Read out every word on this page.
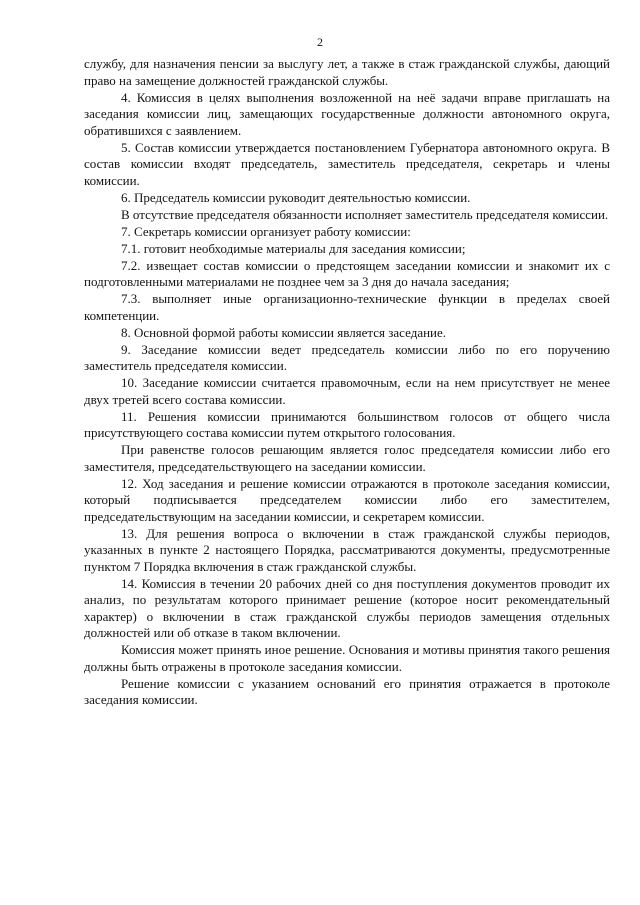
2

службу, для назначения пенсии за выслугу лет, а также в стаж гражданской службы, дающий право на замещение должностей гражданской службы.

4. Комиссия в целях выполнения возложенной на неё задачи вправе приглашать на заседания комиссии лиц, замещающих государственные должности автономного округа, обратившихся с заявлением.

5. Состав комиссии утверждается постановлением Губернатора автономного округа. В состав комиссии входят председатель, заместитель председателя, секретарь и члены комиссии.

6. Председатель комиссии руководит деятельностью комиссии.

В отсутствие председателя обязанности исполняет заместитель председателя комиссии.

7. Секретарь комиссии организует работу комиссии:

7.1. готовит необходимые материалы для заседания комиссии;

7.2. извещает состав комиссии о предстоящем заседании комиссии и знакомит их с подготовленными материалами не позднее чем за 3 дня до начала заседания;

7.3. выполняет иные организационно-технические функции в пределах своей компетенции.

8. Основной формой работы комиссии является заседание.

9. Заседание комиссии ведет председатель комиссии либо по его поручению заместитель председателя комиссии.

10. Заседание комиссии считается правомочным, если на нем присутствует не менее двух третей всего состава комиссии.

11. Решения комиссии принимаются большинством голосов от общего числа присутствующего состава комиссии путем открытого голосования.

При равенстве голосов решающим является голос председателя комиссии либо его заместителя, председательствующего на заседании комиссии.

12. Ход заседания и решение комиссии отражаются в протоколе заседания комиссии, который подписывается председателем комиссии либо его заместителем, председательствующим на заседании комиссии, и секретарем комиссии.

13. Для решения вопроса о включении в стаж гражданской службы периодов, указанных в пункте 2 настоящего Порядка, рассматриваются документы, предусмотренные пунктом 7 Порядка включения в стаж гражданской службы.

14. Комиссия в течении 20 рабочих дней со дня поступления документов проводит их анализ, по результатам которого принимает решение (которое носит рекомендательный характер) о включении в стаж гражданской службы периодов замещения отдельных должностей или об отказе в таком включении.

Комиссия может принять иное решение. Основания и мотивы принятия такого решения должны быть отражены в протоколе заседания комиссии.

Решение комиссии с указанием оснований его принятия отражается в протоколе заседания комиссии.
